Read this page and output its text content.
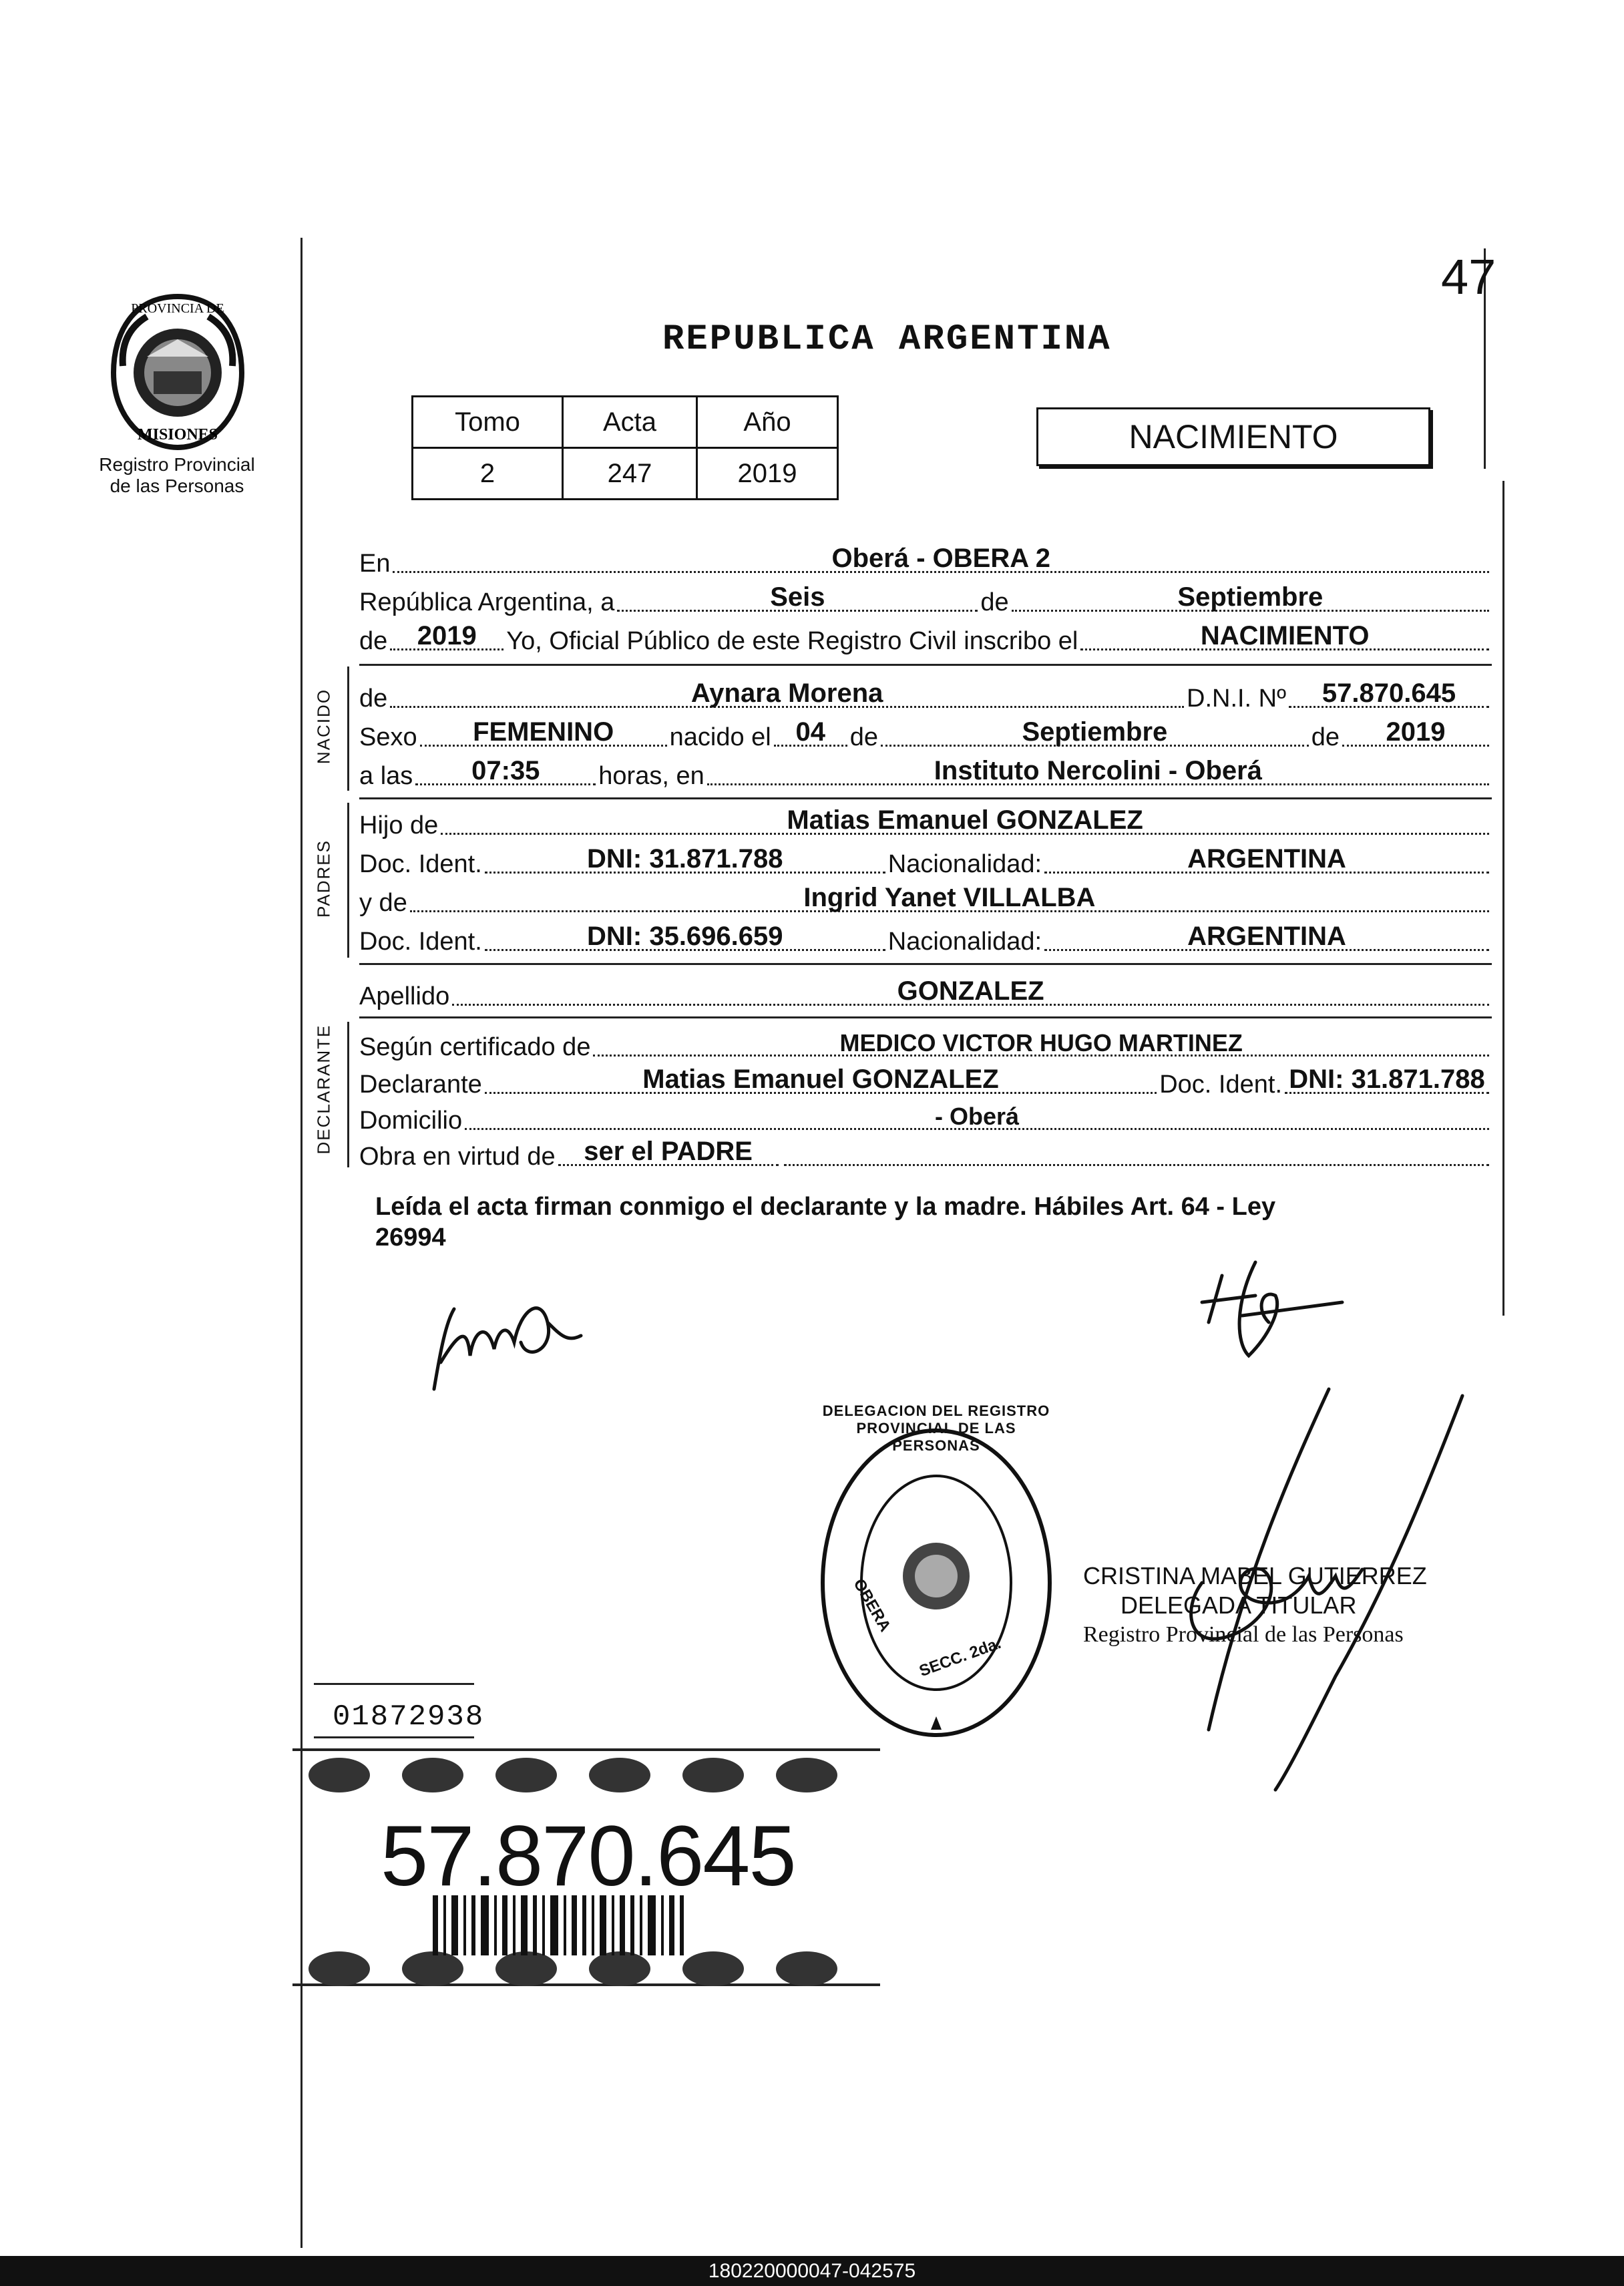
47
REPUBLICA ARGENTINA
PROVINCIA DE
MISIONES
Registro Provincial
de las Personas
Tomo	Acta	Año
2	247	2019
NACIMIENTO
En	Oberá - OBERA 2
República Argentina, a	Seis	de	Septiembre
de 2019 Yo, Oficial Público de este Registro Civil inscribo el	NACIMIENTO
NACIDO de	Aynara Morena	D.N.I. Nº 57.870.645
Sexo FEMENINO nacido el 04 de	Septiembre	de 2019
a las 07:35 horas, en	Instituto Nercolini - Oberá
PADRES
Hijo de	Matias Emanuel GONZALEZ
Doc. Ident.	DNI: 31.871.788	Nacionalidad:	ARGENTINA
y de	Ingrid Yanet VILLALBA
Doc. Ident.	DNI: 35.696.659	Nacionalidad:	ARGENTINA
Apellido	GONZALEZ
DECLARANTE Según certificado de	MEDICO VICTOR HUGO MARTINEZ
Declarante	Matias Emanuel GONZALEZ	Doc. Ident. DNI: 31.871.788
Domicilio	- Oberá
Obra en virtud de ser el PADRE
Leída el acta firman conmigo el declarante y la madre. Hábiles Art. 64 - Ley
26994
DELEGACION DEL REGISTRO PROVINCIAL DE LAS PERSONAS
OBERA
SECC. 2da.
CRISTINA MABEL GUTIERREZ
DELEGADA TITULAR
Registro Provincial de las Personas
01872938
57.870.645
180220000047-042575
